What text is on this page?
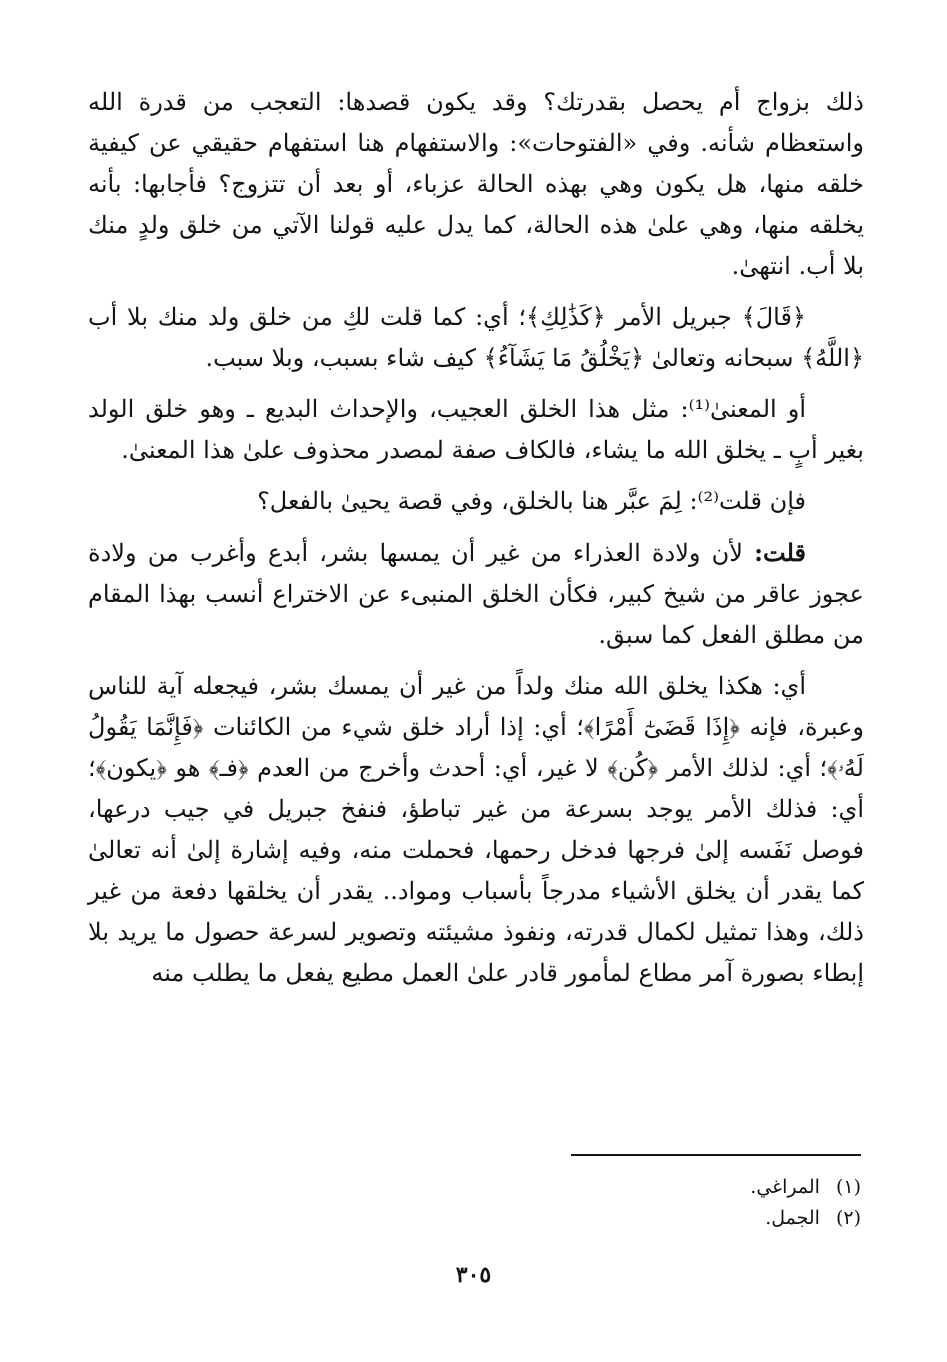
ذلك بزواج أم يحصل بقدرتك؟ وقد يكون قصدها: التعجب من قدرة الله واستعظام شأنه. وفي «الفتوحات»: والاستفهام هنا استفهام حقيقي عن كيفية خلقه منها، هل يكون وهي بهذه الحالة عزباء، أو بعد أن تتزوج؟ فأجابها: بأنه يخلقه منها، وهي علىٰ هذه الحالة، كما يدل عليه قولنا الآتي من خلق ولدٍ منك بلا أب. انتهىٰ.

﴿قَالَ﴾ جبريل الأمر ﴿كَذَٰلِكِ﴾؛ أي: كما قلت لكِ من خلق ولد منك بلا أب ﴿اللَّهُ﴾ سبحانه وتعالىٰ ﴿يَخْلُقُ مَا يَشَآءُ﴾ كيف شاء بسبب، وبلا سبب.

أو المعنىٰ⁽¹⁾: مثل هذا الخلق العجيب، والإحداث البديع ـ وهو خلق الولد بغير أبٍ ـ يخلق الله ما يشاء، فالكاف صفة لمصدر محذوف علىٰ هذا المعنىٰ.

فإن قلت⁽²⁾: لِمَ عبَّر هنا بالخلق، وفي قصة يحيىٰ بالفعل؟

قلت: لأن ولادة العذراء من غير أن يمسها بشر، أبدع وأغرب من ولادة عجوز عاقر من شيخ كبير، فكأن الخلق المنبىء عن الاختراع أنسب بهذا المقام من مطلق الفعل كما سبق.

أي: هكذا يخلق الله منك ولداً من غير أن يمسك بشر، فيجعله آية للناس وعبرة، فإنه ﴿إِذَا قَضَىٰٓ أَمْرًا﴾؛ أي: إذا أراد خلق شيء من الكائنات ﴿فَإِنَّمَا يَقُولُ لَهُۥ﴾؛ أي: لذلك الأمر ﴿كُن﴾ لا غير، أي: أحدث وأخرج من العدم ﴿فـ﴾ هو ﴿يكون﴾؛ أي: فذلك الأمر يوجد بسرعة من غير تباطؤ، فنفخ جبريل في جيب درعها، فوصل نَفَسه إلىٰ فرجها فدخل رحمها، فحملت منه، وفيه إشارة إلىٰ أنه تعالىٰ كما يقدر أن يخلق الأشياء مدرجاً بأسباب ومواد.. يقدر أن يخلقها دفعة من غير ذلك، وهذا تمثيل لكمال قدرته، ونفوذ مشيئته وتصوير لسرعة حصول ما يريد بلا إبطاء بصورة آمر مطاع لمأمور قادر علىٰ العمل مطيع يفعل ما يطلب منه

(١)المراغي.
(٢)الجمل.
٣٠٥
